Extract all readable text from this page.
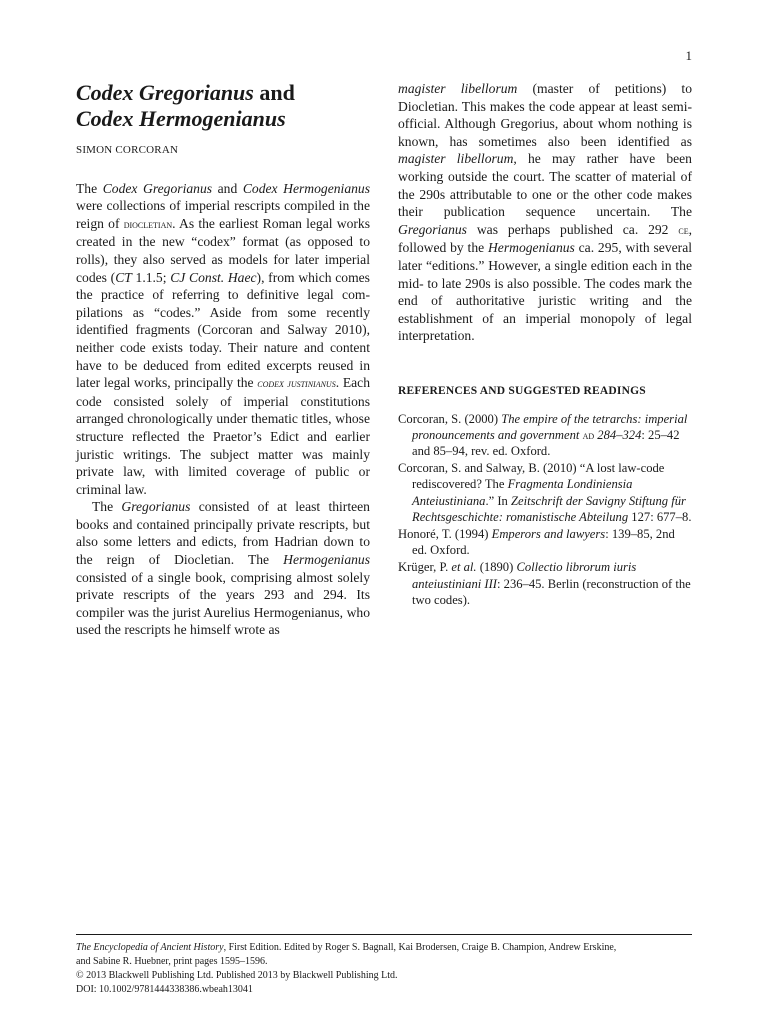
1
Codex Gregorianus and
Codex Hermogenianus
SIMON CORCORAN

The Codex Gregorianus and Codex Hermogenianus were collections of imperial rescripts compiled in the reign of diocletian. As the earliest Roman legal works created in the new “codex” format (as opposed to rolls), they also served as models for later imperial codes (CT 1.1.5; CJ Const. Haec), from which comes the practice of referring to definitive legal compilations as “codes.” Aside from some recently identified fragments (Corcoran and Salway 2010), neither code exists today. Their nature and content have to be deduced from edited excerpts reused in later legal works, principally the codex justinianus. Each code consisted solely of imperial constitutions arranged chronologically under thematic titles, whose structure reflected the Praetor’s Edict and earlier juristic writings. The subject matter was mainly private law, with limited coverage of public or criminal law.

The Gregorianus consisted of at least thirteen books and contained principally private rescripts, but also some letters and edicts, from Hadrian down to the reign of Diocletian. The Hermogenianus consisted of a single book, comprising almost solely private rescripts of the years 293 and 294. Its compiler was the jurist Aurelius Hermogenianus, who used the rescripts he himself wrote as

magister libellorum (master of petitions) to Diocletian. This makes the code appear at least semi-official. Although Gregorius, about whom nothing is known, has sometimes also been identified as magister libellorum, he may rather have been working outside the court. The scatter of material of the 290s attributable to one or the other code makes their publication sequence uncertain. The Gregorianus was perhaps published ca. 292 ce, followed by the Hermogenianus ca. 295, with several later “editions.” However, a single edition each in the mid- to late 290s is also possible. The codes mark the end of authoritative juristic writing and the establishment of an imperial monopoly of legal interpretation.

REFERENCES AND SUGGESTED READINGS

Corcoran, S. (2000) The empire of the tetrarchs: imperial pronouncements and government ad 284–324: 25–42 and 85–94, rev. ed. Oxford.

Corcoran, S. and Salway, B. (2010) “A lost law-code rediscovered? The Fragmenta Londiniensia Anteiustiniana.” In Zeitschrift der Savigny Stiftung für Rechtsgeschichte: romanistische Abteilung 127: 677–8.

Honoré, T. (1994) Emperors and lawyers: 139–85, 2nd ed. Oxford.

Krüger, P. et al. (1890) Collectio librorum iuris anteiustiniani III: 236–45. Berlin (reconstruction of the two codes).

The Encyclopedia of Ancient History, First Edition. Edited by Roger S. Bagnall, Kai Brodersen, Craige B. Champion, Andrew Erskine,
and Sabine R. Huebner, print pages 1595–1596.
© 2013 Blackwell Publishing Ltd. Published 2013 by Blackwell Publishing Ltd.
DOI: 10.1002/9781444338386.wbeah13041
